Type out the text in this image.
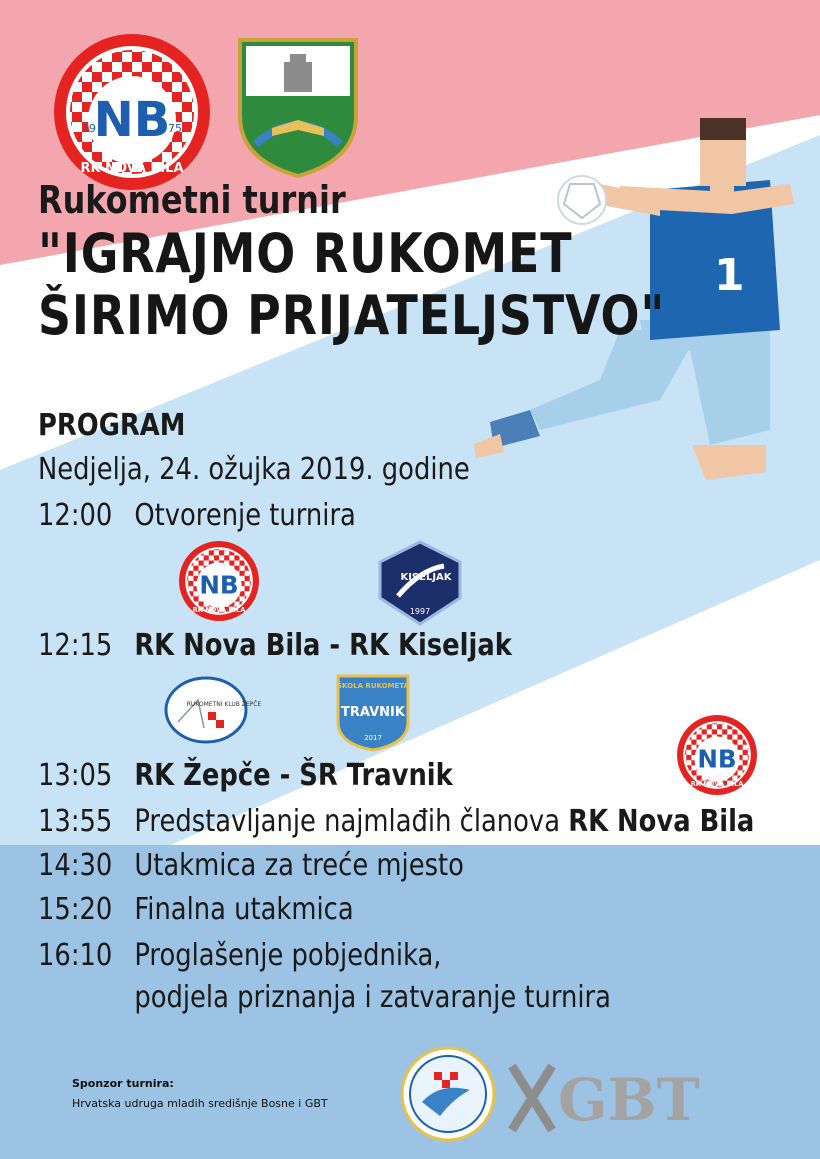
NB
19	75
RK NOVA BILA
1
Rukometni turnir
"IGRAJMO RUKOMET
ŠIRIMO PRIJATELJSTVO"
PROGRAM
Nedjelja, 24. ožujka 2019. godine
12:00 Otvorenje turnira
NB
RK NOVA BILA
KISELJAK
1997
12:15 RK Nova Bila - RK Kiseljak
RUKOMETNI KLUB ŽEPČE
ŠKOLA RUKOMETA
TRAVNIK
2017
NB
RK NOVA BILA
13:05 RK Žepče - ŠR Travnik
13:55 Predstavljanje najmlađih članova RK Nova Bila
14:30 Utakmica za treće mjesto
15:20 Finalna utakmica
16:10 Proglašenje pobjednika,
podjela priznanja i zatvaranje turnira
Sponzor turnira:
Hrvatska udruga mladih središnje Bosne i GBT	GBT
